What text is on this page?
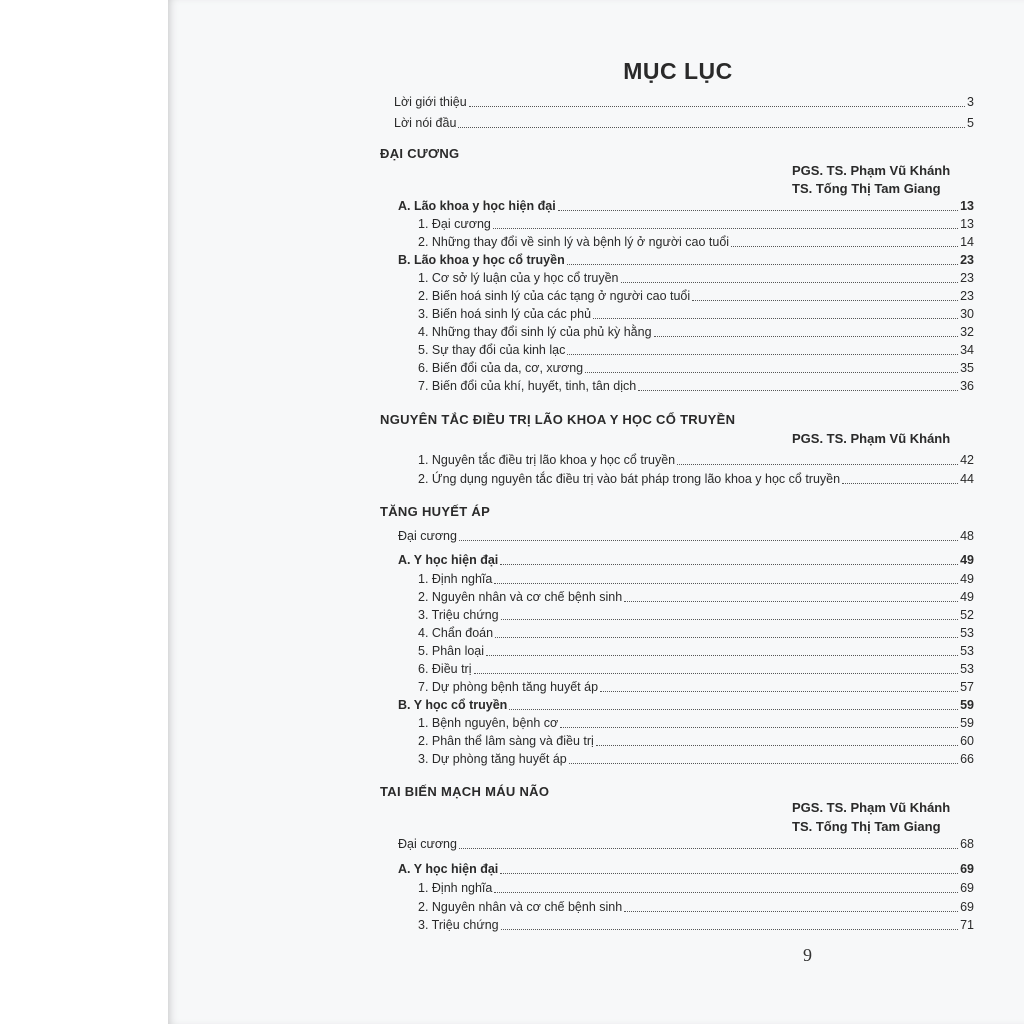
MỤC LỤC
Lời giới thiệu	3
Lời nói đầu	5
ĐẠI CƯƠNG
PGS. TS. Phạm Vũ Khánh
TS. Tống Thị Tam Giang
A. Lão khoa y học hiện đại	13
1. Đại cương	13
2. Những thay đổi về sinh lý và bệnh lý ở người cao tuổi	14
B. Lão khoa y học cổ truyền	23
1. Cơ sở lý luận của y học cổ truyền	23
2. Biến hoá sinh lý của các tạng ở người cao tuổi	23
3. Biến hoá sinh lý của các phủ	30
4. Những thay đổi sinh lý của phủ kỳ hằng	32
5. Sự thay đổi của kinh lạc	34
6. Biến đổi của da, cơ, xương	35
7. Biến đổi của khí, huyết, tinh, tân dịch	36
NGUYÊN TẮC ĐIỀU TRỊ LÃO KHOA Y HỌC CỔ TRUYỀN
PGS. TS. Phạm Vũ Khánh
1. Nguyên tắc điều trị lão khoa y học cổ truyền	42
2. Ứng dụng nguyên tắc điều trị vào bát pháp trong lão khoa y học cổ truyền	44
TĂNG HUYẾT ÁP
Đại cương	48
A. Y học hiện đại	49
1. Định nghĩa	49
2. Nguyên nhân và cơ chế bệnh sinh	49
3. Triệu chứng	52
4. Chẩn đoán	53
5. Phân loại	53
6. Điều trị	53
7. Dự phòng bệnh tăng huyết áp	57
B. Y học cổ truyền	59
1. Bệnh nguyên, bệnh cơ	59
2. Phân thể lâm sàng và điều trị	60
3. Dự phòng tăng huyết áp	66
TAI BIẾN MẠCH MÁU NÃO
PGS. TS. Phạm Vũ Khánh
TS. Tống Thị Tam Giang
Đại cương	68
A. Y học hiện đại	69
1. Định nghĩa	69
2. Nguyên nhân và cơ chế bệnh sinh	69
3. Triệu chứng	71
9
